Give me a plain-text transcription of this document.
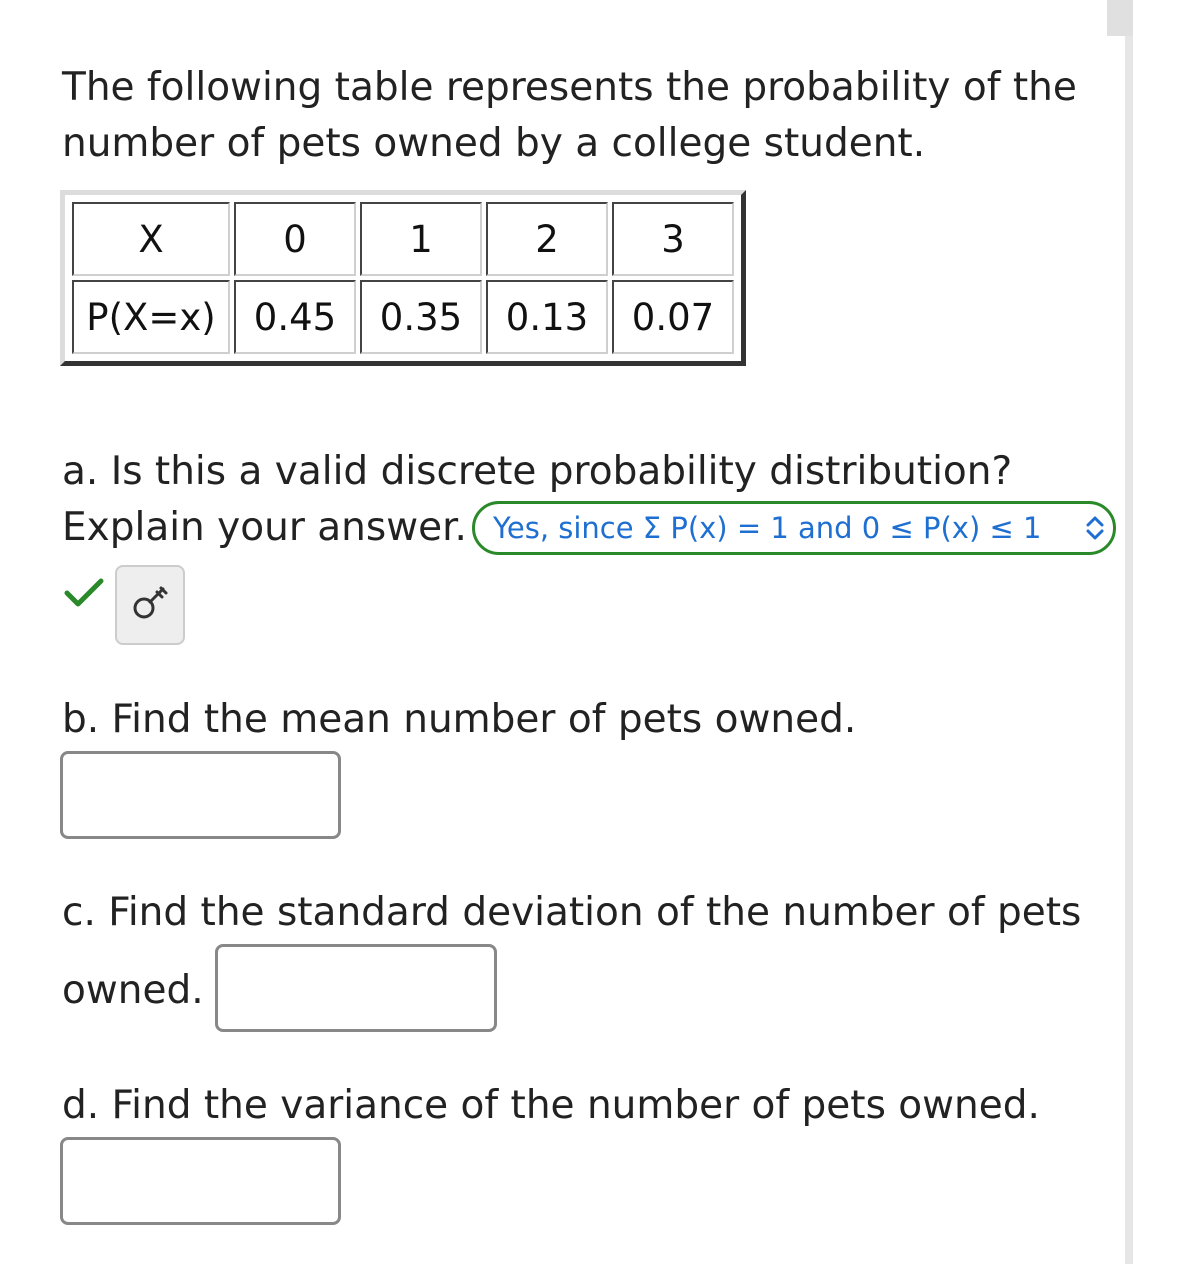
The following table represents the probability of the number of pets owned by a college student.

X	0	1	2	3
P(X=x)	0.45	0.35	0.13	0.07

a. Is this a valid discrete probability distribution?

Explain your answer. Yes, since Σ P(x) = 1 and 0 ≤ P(x) ≤ 1

b. Find the mean number of pets owned.

c. Find the standard deviation of the number of pets

owned.

d. Find the variance of the number of pets owned.
